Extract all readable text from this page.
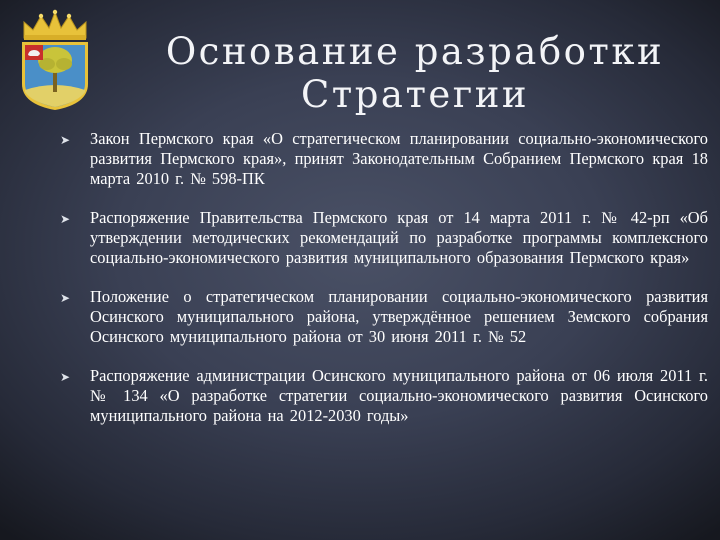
Основание разработки
Стратегии
➤ Закон Пермского края «О стратегическом планировании социально-экономического развития Пермского края», принят Законодательным Собранием Пермского края 18 марта 2010 г. № 598-ПК
➤ Распоряжение Правительства Пермского края от 14 марта 2011 г. № 42-рп «Об утверждении методических рекомендаций по разработке программы комплексного социально-экономического развития муниципального образования Пермского края»
➤ Положение о стратегическом планировании социально-экономического развития Осинского муниципального района, утверждённое решением Земского собрания Осинского муниципального района от 30 июня 2011 г. № 52
➤ Распоряжение администрации Осинского муниципального района от 06 июля 2011 г. № 134 «О разработке стратегии социально-экономического развития Осинского муниципального района на 2012-2030 годы»
